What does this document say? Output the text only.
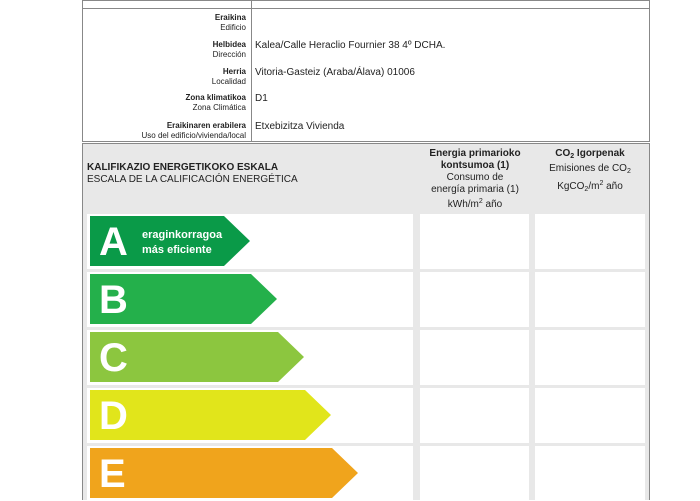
Eraikina
Edificio
Helbidea
Dirección
Kalea/Calle Heraclio Fournier 38 4º DCHA.
Herria
Localidad
Vitoria-Gasteiz (Araba/Álava) 01006
Zona klimatikoa
Zona Climática
D1
Eraikinaren erabilera
Uso del edificio/vivienda/local
Etxebizitza Vivienda
KALIFIKAZIO ENERGETIKOKO ESKALA
ESCALA DE LA CALIFICACIÓN ENERGÉTICA
Energia primarioko
kontsumoa (1)
Consumo de
energía primaria (1)
kWh/$m^2$ año
$CO_2$ Igorpenak
Emisiones de $CO_2$
$KgCO_2/m^2$ año
A eraginkorragoa
más eficiente
B
C
D
E
